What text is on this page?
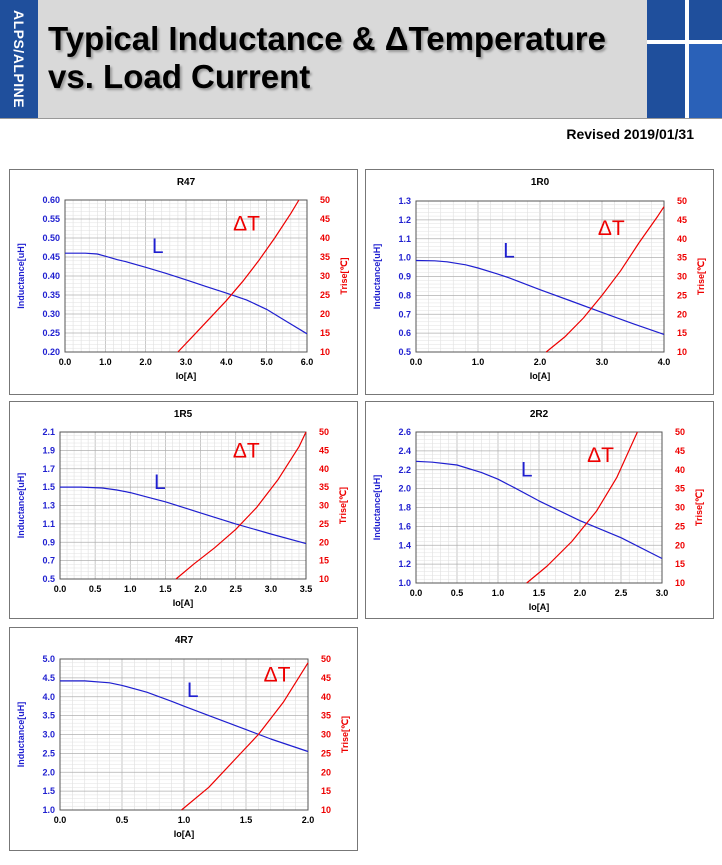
ALPS/ALPINE Typical Inductance & ΔTemperature
vs. Load Current
Revised 2019/01/31
R47
0.0	1.0	2.0	3.0	4.0	5.0	6.0
0.20
0.25
0.30
0.35
0.40
0.45
0.50
0.55
0.60
10
15
20
25
30
35
40
45
50
Io[A]
Inductance[uH]	Trise[℃]
L
ΔT
1R0
0.0	1.0	2.0	3.0	4.0
0.5
0.6
0.7
0.8
0.9
1.0
1.1
1.2
1.3
10
15
20
25
30
35
40
45
50
Io[A]
Inductance[uH]	Trise[℃]
L
ΔT
1R5
0.0	0.5	1.0	1.5	2.0	2.5	3.0	3.5
0.5
0.7
0.9
1.1
1.3
1.5
1.7
1.9
2.1
10
15
20
25
30
35
40
45
50
Io[A]
Inductance[uH]	Trise[℃]
L
ΔT
2R2
0.0	0.5	1.0	1.5	2.0	2.5	3.0
1.0
1.2
1.4
1.6
1.8
2.0
2.2
2.4
2.6
10
15
20
25
30
35
40
45
50
Io[A]
Inductance[uH]	Trise[℃]
L
ΔT
4R7
0.0	0.5	1.0	1.5	2.0
1.0
1.5
2.0
2.5
3.0
3.5
4.0
4.5
5.0
10
15
20
25
30
35
40
45
50
Io[A]
Inductance[uH]	Trise[℃]
L
ΔT
